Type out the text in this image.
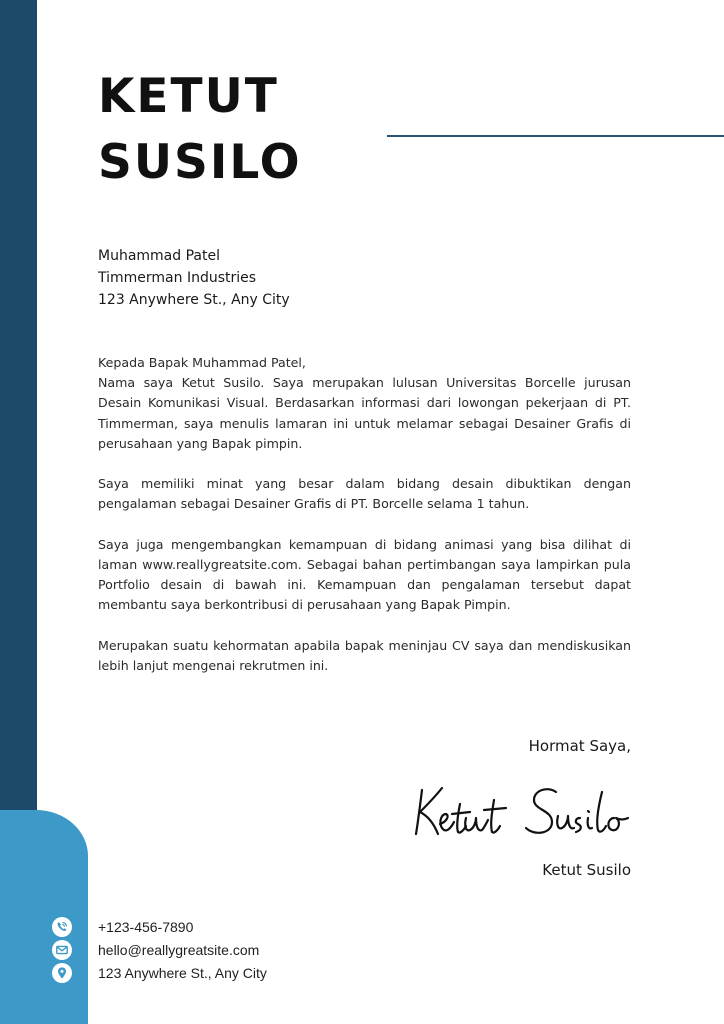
KETUT
SUSILO
Muhammad Patel
Timmerman Industries
123 Anywhere St., Any City

Kepada Bapak Muhammad Patel,
Nama saya Ketut Susilo. Saya merupakan lulusan Universitas Borcelle jurusan Desain Komunikasi Visual. Berdasarkan informasi dari lowongan pekerjaan di PT. Timmerman, saya menulis lamaran ini untuk melamar sebagai Desainer Grafis di perusahaan yang Bapak pimpin.

Saya memiliki minat yang besar dalam bidang desain dibuktikan dengan pengalaman sebagai Desainer Grafis di PT. Borcelle selama 1 tahun.

Saya juga mengembangkan kemampuan di bidang animasi yang bisa dilihat di laman www.reallygreatsite.com. Sebagai bahan pertimbangan saya lampirkan pula Portfolio desain di bawah ini. Kemampuan dan pengalaman tersebut dapat membantu saya berkontribusi di perusahaan yang Bapak Pimpin.

Merupakan suatu kehormatan apabila bapak meninjau CV saya dan mendiskusikan lebih lanjut mengenai rekrutmen ini.

Hormat Saya,
Ketut Susilo
+123-456-7890
hello@reallygreatsite.com
123 Anywhere St., Any City
